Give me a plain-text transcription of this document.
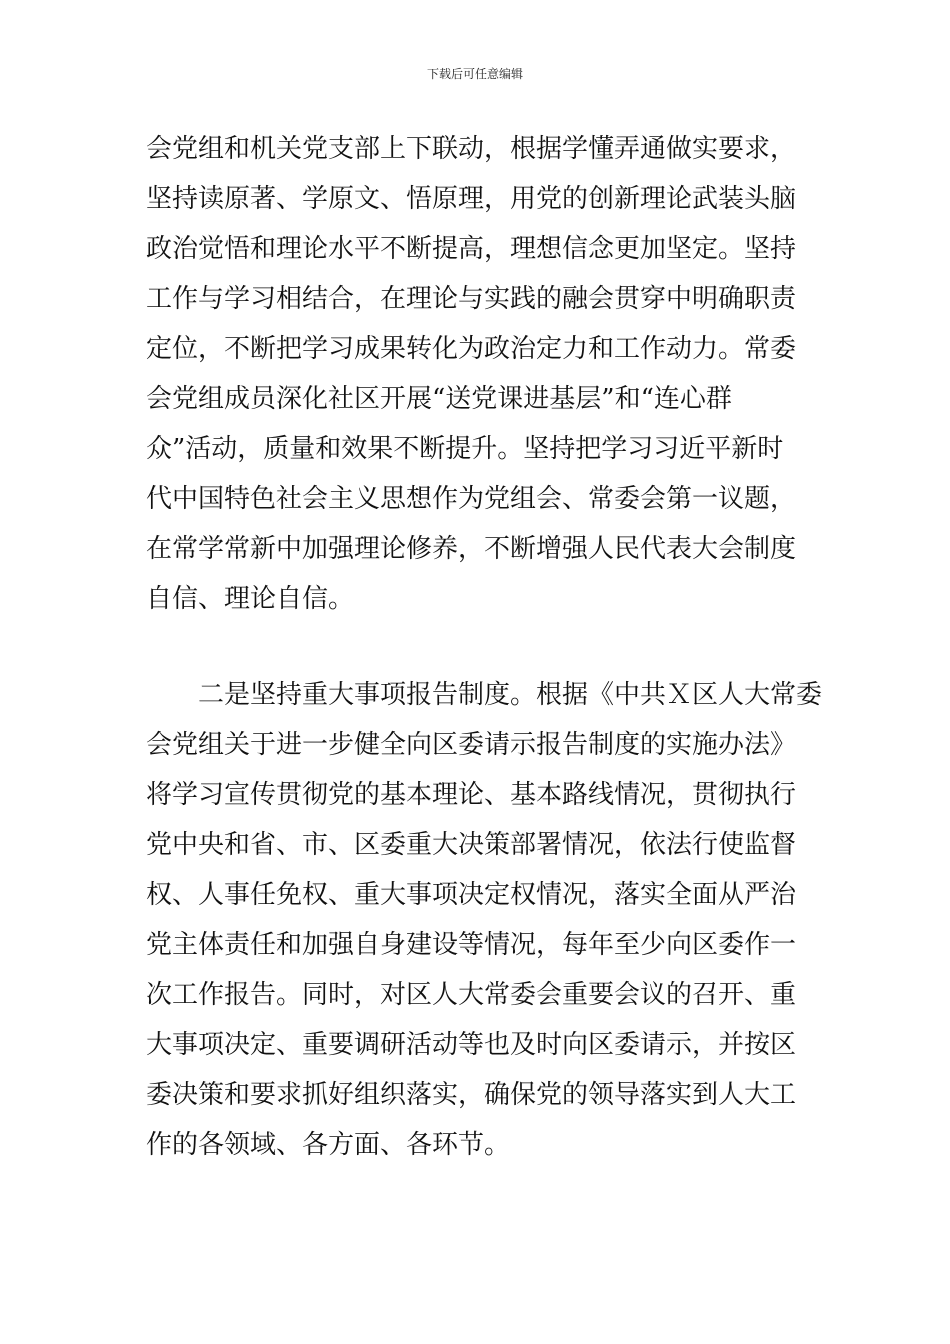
下载后可任意编辑

会党组和机关党支部上下联动，根据学懂弄通做实要求，

坚持读原著、学原文、悟原理，用党的创新理论武装头脑

政治觉悟和理论水平不断提高，理想信念更加坚定。坚持

工作与学习相结合，在理论与实践的融会贯穿中明确职责

定位，不断把学习成果转化为政治定力和工作动力。常委

会党组成员深化社区开展“送党课进基层”和“连心群

众”活动，质量和效果不断提升。坚持把学习习近平新时

代中国特色社会主义思想作为党组会、常委会第一议题，

在常学常新中加强理论修养，不断增强人民代表大会制度

自信、理论自信。

　　二是坚持重大事项报告制度。根据《中共Ｘ区人大常委

会党组关于进一步健全向区委请示报告制度的实施办法》

将学习宣传贯彻党的基本理论、基本路线情况，贯彻执行

党中央和省、市、区委重大决策部署情况，依法行使监督

权、人事任免权、重大事项决定权情况，落实全面从严治

党主体责任和加强自身建设等情况，每年至少向区委作一

次工作报告。同时，对区人大常委会重要会议的召开、重

大事项决定、重要调研活动等也及时向区委请示，并按区

委决策和要求抓好组织落实，确保党的领导落实到人大工

作的各领域、各方面、各环节。
